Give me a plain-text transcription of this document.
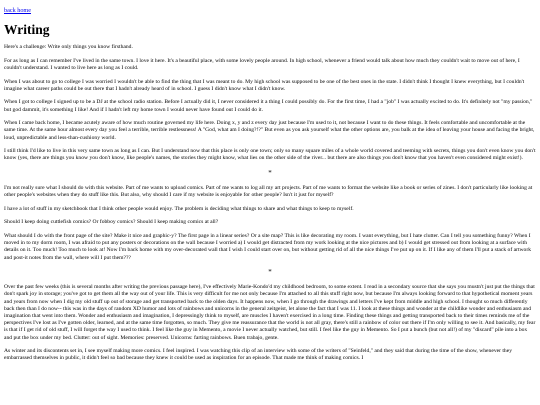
back home
Writing

Here's a challenge: Write only things you know firsthand.

For as long as I can remember I've lived in the same town. I love it here. It's a beautiful place, with some lovely people around. In high school, whenever a friend would talk about how much they couldn't wait to move out of here, I couldn't understand. I wanted to live here as long as I could.

When I was about to go to college I was worried I wouldn't be able to find the thing that I was meant to do. My high school was supposed to be one of the best ones in the state. I didn't think I thought I knew everything, but I couldn't imagine what career paths could be out there that I hadn't already heard of in school. I guess I didn't know what I didn't know.

When I got to college I signed up to be a DJ at the school radio station. Before I actually did it, I never considered it a thing I could possibly do. For the first time, I had a "job" I was actually excited to do. It's definitely not "my passion," but god dammit, it's something I like! And if I hadn't left my home town I would never have found out I could do it.

When I came back home, I became acutely aware of how much routine governed my life here. Doing x, y and z every day just because I'm used to it, not because I want to do these things. It feels comfortable and uncomfortable at the same time. At the same hour almost every day you feel a terrible, terrible restlessness! A "God, what am I doing?!?" But even as you ask yourself what the other options are, you balk at the idea of leaving your house and facing the bright, loud, unpredictable and less-than-cushiony world.

I still think I'd like to live in this very same town as long as I can. But I understand now that this place is only one town; only so many square miles of a whole world covered and teeming with secrets, things you don't even know you don't know (yes, there are things you know you don't know, like people's names, the stories they might know, what lies on the other side of the river... but there are also things you don't know that you haven't even considered might exist!).

*

I'm not really sure what I should do with this website. Part of me wants to upload comics. Part of me wants to log all my art projects. Part of me wants to format the website like a book or series of zines. I don't particularly like looking at other people's websites when they do stuff like this. But also, why should I care if my website is enjoyable for other people? Isn't it just for myself?

I have a lot of stuff in my sketchbook that I think other people would enjoy. The problem is deciding what things to share and what things to keep to myself.

Should I keep doing cuttlefish comics? Or fobboy comics? Should I keep making comics at all?

What should I do with the front page of the site? Make it nice and graphic-y? The first page in a linear series? Or a site map? This is like decorating my room. I want everything, but I hate clutter. Can I tell you something funny? When I moved in to my dorm room, I was afraid to put any posters or decorations on the wall because I worried a) I would get distracted from my work looking at the nice pictures and b) I would get stressed out from looking at a surface with details on it. Too much! Too much to look at! Now I'm back home with my over-decorated wall that I wish I could start over on, but without getting rid of all the nice things I've put up on it. If I like any of them I'll put a stack of artwork and post-it notes from the wall, where will I put them???

*

Over the past few weeks (this is several months after writing the previous passage here), I've effectively Marie-Kondo'd my childhood bedroom, to some extent. I read in a secondary source that she says you mustn't just put the things that don't spark joy in storage; you've got to get them all the way out of your life. This is very difficult for me not only because I'm attached to all this stuff right now, but because I'm always looking forward to that hypothetical moment years and years from now when I dig my old stuff up out of storage and get transported back to the olden days. It happens now, when I go through the drawings and letters I've kept from middle and high school. I thought so much differently back then than I do now-- this was in the days of random XD humor and lots of rainbows and unicorns in the general zeitgeist, let alone the fact that I was 11. I look at these things and wonder at the childlike wonder and enthusiasm and imagination that went into them. Wonder and enthusiasm and imagination, I depressingly think to myself, are muscles I haven't exercised in a long time. Finding these things and getting transported back to their times reminds me of the perspectives I've lost as I've gotten older, learned, and at the same time forgotten, so much. They give me reassurance that the world is not all gray, there's still a rainbow of color out there if I'm only willing to see it. And basically, my fear is that if I get rid of old stuff, I will forget the way I used to think. I feel like the guy in Memento, a movie I never actually watched, but still. I feel like the guy in Memento. So I put a bunch (but not all!) of my "discard" pile into a box and put the box under my bed. Clutter: out of sight. Memories: preserved. Unicorns: farting rainbows. Buen trabajo, gente.

As winter and its discontents set in, I see myself making more comics. I feel inspired. I was watching this clip of an interview with some of the writers of "Seinfeld," and they said that during the time of the show, whenever they embarrassed themselves in public, it didn't feel so bad because they knew it could be used as inspiration for an episode. That made me think of making comics. I
